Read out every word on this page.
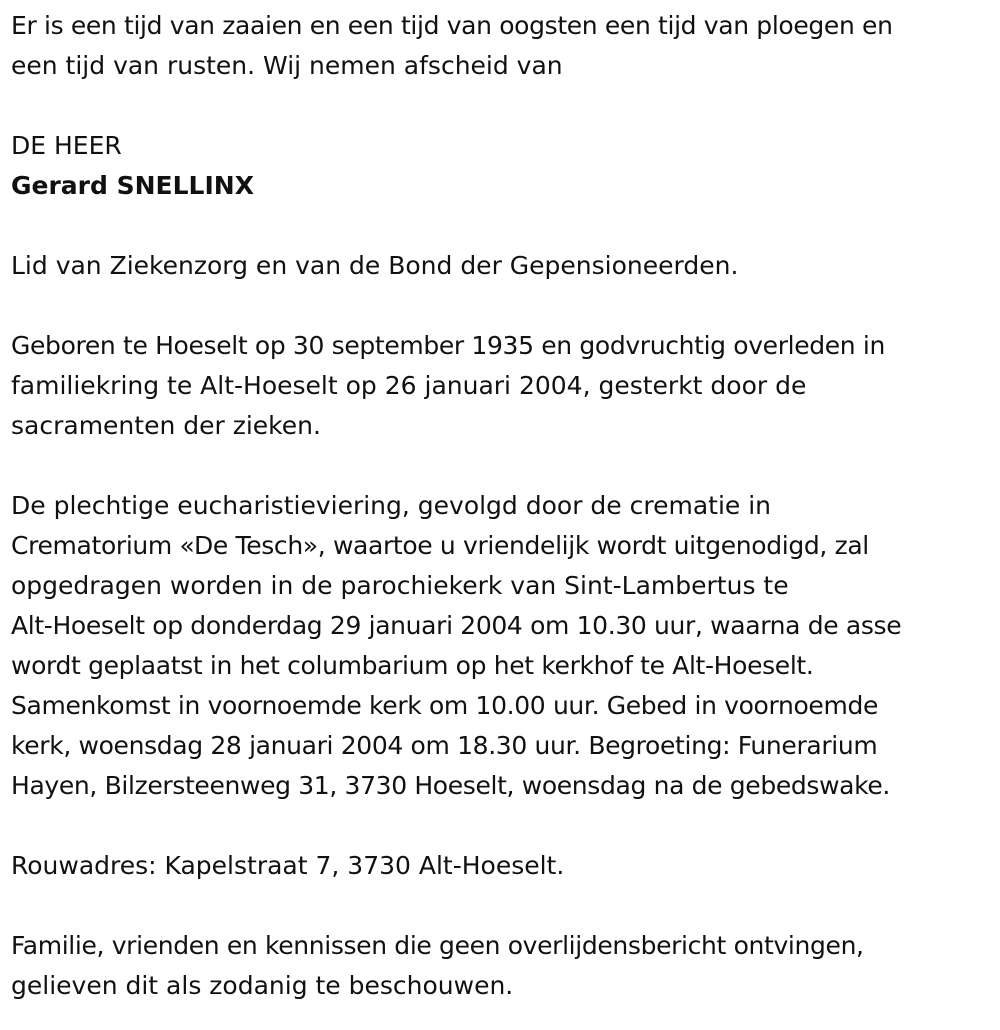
Er is een tijd van zaaien en een tijd van oogsten een tijd van ploegen en
een tijd van rusten. Wij nemen afscheid van
DE HEER
Gerard SNELLINX
Lid van Ziekenzorg en van de Bond der Gepensioneerden.
Geboren te Hoeselt op 30 september 1935 en godvruchtig overleden in
familiekring te Alt-Hoeselt op 26 januari 2004, gesterkt door de
sacramenten der zieken.
De plechtige eucharistieviering, gevolgd door de crematie in
Crematorium «De Tesch», waartoe u vriendelijk wordt uitgenodigd, zal
opgedragen worden in de parochiekerk van Sint-Lambertus te
Alt-Hoeselt op donderdag 29 januari 2004 om 10.30 uur, waarna de asse
wordt geplaatst in het columbarium op het kerkhof te Alt-Hoeselt.
Samenkomst in voornoemde kerk om 10.00 uur. Gebed in voornoemde
kerk, woensdag 28 januari 2004 om 18.30 uur. Begroeting: Funerarium
Hayen, Bilzersteenweg 31, 3730 Hoeselt, woensdag na de gebedswake.
Rouwadres: Kapelstraat 7, 3730 Alt-Hoeselt.
Familie, vrienden en kennissen die geen overlijdensbericht ontvingen,
gelieven dit als zodanig te beschouwen.
